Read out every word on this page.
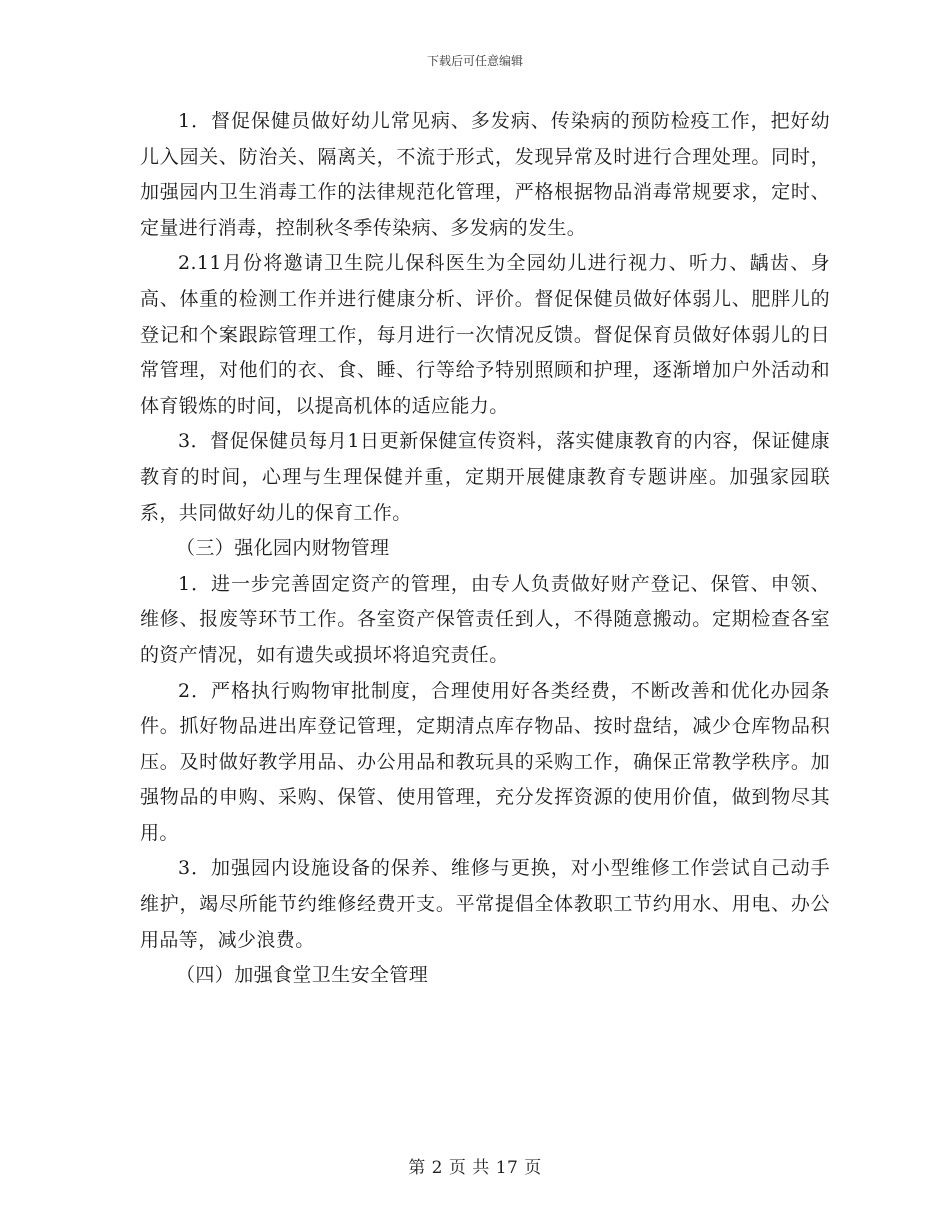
下载后可任意编辑

1．督促保健员做好幼儿常见病、多发病、传染病的预防检疫工作，把好幼儿入园关、防治关、隔离关，不流于形式，发现异常及时进行合理处理。同时，加强园内卫生消毒工作的法律规范化管理，严格根据物品消毒常规要求，定时、定量进行消毒，控制秋冬季传染病、多发病的发生。

2.11月份将邀请卫生院儿保科医生为全园幼儿进行视力、听力、龋齿、身高、体重的检测工作并进行健康分析、评价。督促保健员做好体弱儿、肥胖儿的登记和个案跟踪管理工作，每月进行一次情况反馈。督促保育员做好体弱儿的日常管理，对他们的衣、食、睡、行等给予特别照顾和护理，逐渐增加户外活动和体育锻炼的时间，以提高机体的适应能力。

3．督促保健员每月1日更新保健宣传资料，落实健康教育的内容，保证健康教育的时间，心理与生理保健并重，定期开展健康教育专题讲座。加强家园联系，共同做好幼儿的保育工作。

（三）强化园内财物管理

1．进一步完善固定资产的管理，由专人负责做好财产登记、保管、申领、维修、报废等环节工作。各室资产保管责任到人，不得随意搬动。定期检查各室的资产情况，如有遗失或损坏将追究责任。

2．严格执行购物审批制度，合理使用好各类经费，不断改善和优化办园条件。抓好物品进出库登记管理，定期清点库存物品、按时盘结，减少仓库物品积压。及时做好教学用品、办公用品和教玩具的采购工作，确保正常教学秩序。加强物品的申购、采购、保管、使用管理，充分发挥资源的使用价值，做到物尽其用。

3．加强园内设施设备的保养、维修与更换，对小型维修工作尝试自己动手维护，竭尽所能节约维修经费开支。平常提倡全体教职工节约用水、用电、办公用品等，减少浪费。

（四）加强食堂卫生安全管理

第 2 页 共 17 页
